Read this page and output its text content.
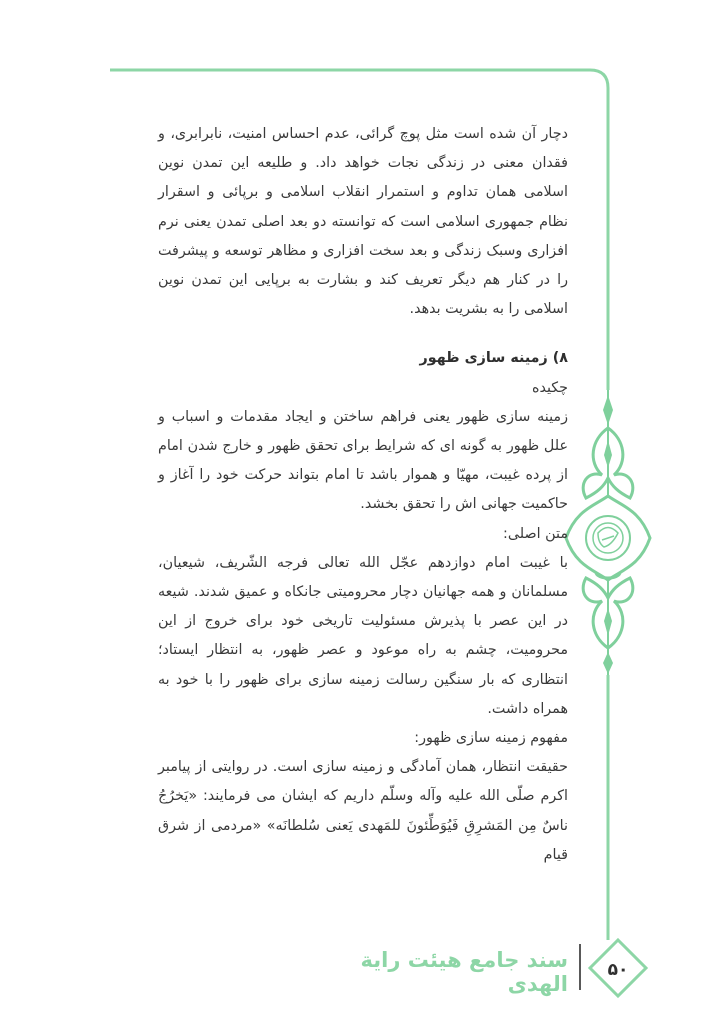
دچار آن شده است مثل پوچ گرائی، عدم احساس امنیت، نابرابری، و فقدان معنی در زندگی نجات خواهد داد. و طلیعه این تمدن نوین اسلامی همان تداوم و استمرار انقلاب اسلامی و برپائی و اسقرار نظام جمهوری اسلامی است که توانسته دو بعد اصلی تمدن یعنی نرم افزاری وسبک زندگی و بعد سخت افزاری و مظاهر توسعه و پیشرفت را در کنار هم دیگر تعریف کند و بشارت به برپایی این تمدن نوین اسلامی را به بشریت بدهد.

۸) زمینه سازی ظهور

چکیده

زمینه سازی ظهور یعنی فراهم ساختن و ایجاد مقدمات و اسباب و علل ظهور به گونه ای که شرایط برای تحقق ظهور و خارج شدن امام از پرده غیبت، مهیّا و هموار باشد تا امام بتواند حرکت خود را آغاز و حاکمیت جهانی اش را تحقق بخشد.

متن اصلی:

با غیبت امام دوازدهم عجّل الله تعالی فرجه الشّریف، شیعیان، مسلمانان و همه جهانیان دچار محرومیتی جانکاه و عمیق شدند. شیعه در این عصر با پذیرش مسئولیت تاریخی خود برای خروج از این محرومیت، چشم به راه موعود و عصر ظهور، به انتظار ایستاد؛ انتظاری که بار سنگین رسالت زمینه سازی برای ظهور را با خود به همراه داشت.

مفهوم زمینه سازی ظهور:

حقیقت انتظار، همان آمادگی و زمینه سازی است. در روایتی از پیامبر اکرم صلّی الله علیه وآله وسلّم داریم که ایشان می فرمایند: «یَخرُجُ ناسٌ مِن المَشرِقِ فَیُوَطِّئونَ للمَهدی یَعنی سُلطانَه» «مردمی از شرق قیام

سند جامع هیئت رایة الهدی
۵۰
